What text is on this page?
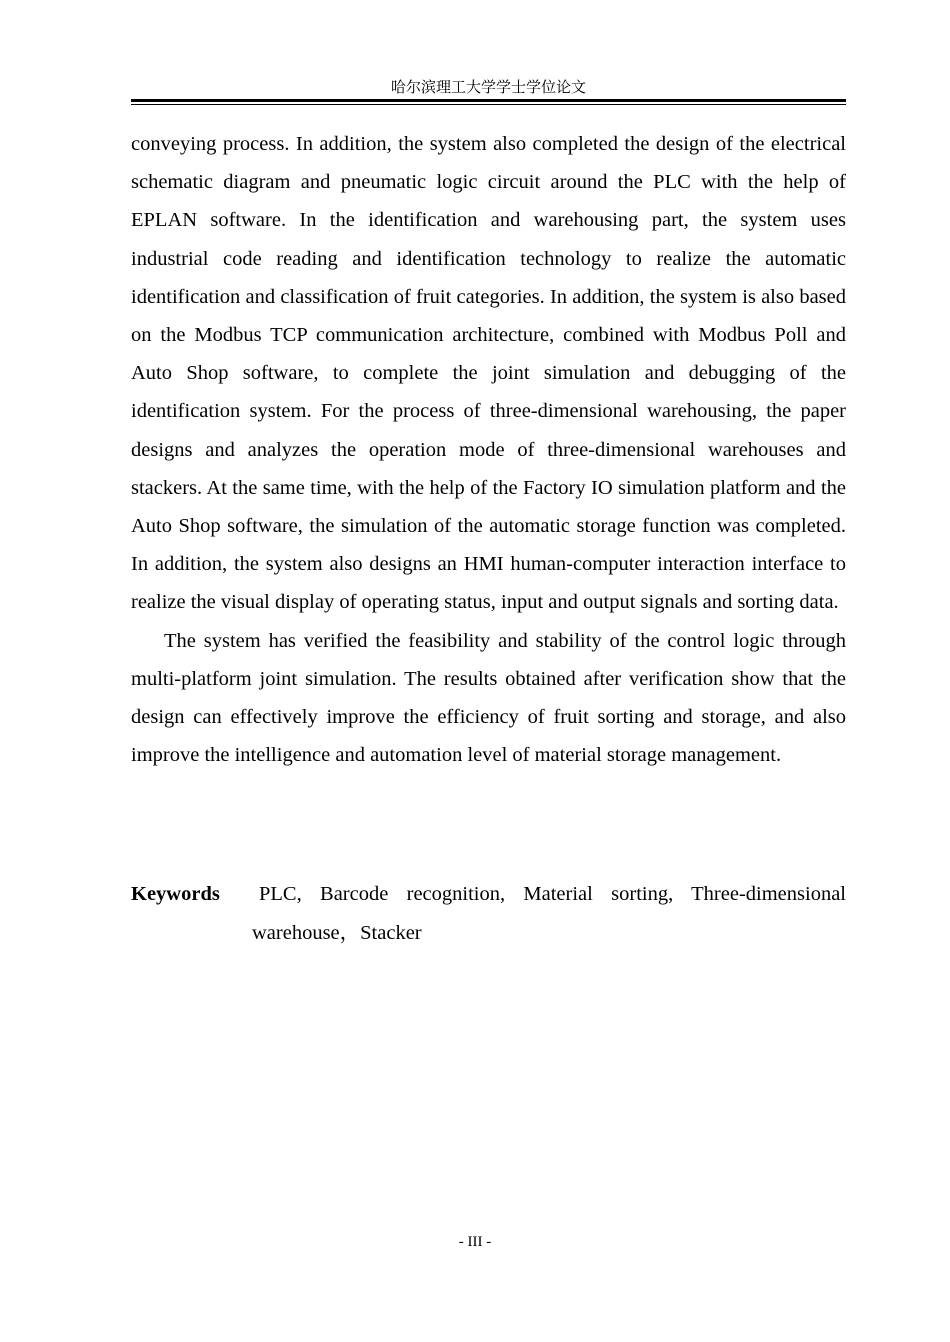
哈尔滨理工大学学士学位论文

conveying process. In addition, the system also completed the design of the electrical schematic diagram and pneumatic logic circuit around the PLC with the help of EPLAN software. In the identification and warehousing part, the system uses industrial code reading and identification technology to realize the automatic identification and classification of fruit categories. In addition, the system is also based on the Modbus TCP communication architecture, combined with Modbus Poll and Auto Shop software, to complete the joint simulation and debugging of the identification system. For the process of three-dimensional warehousing, the paper designs and analyzes the operation mode of three-dimensional warehouses and stackers. At the same time, with the help of the Factory IO simulation platform and the Auto Shop software, the simulation of the automatic storage function was completed. In addition, the system also designs an HMI human-computer interaction interface to realize the visual display of operating status, input and output signals and sorting data.

The system has verified the feasibility and stability of the control logic through multi-platform joint simulation. The results obtained after verification show that the design can effectively improve the efficiency of fruit sorting and storage, and also improve the intelligence and automation level of material storage management.

Keywords	PLC, Barcode recognition, Material sorting, Three-dimensional warehouse，Stacker
- III -
